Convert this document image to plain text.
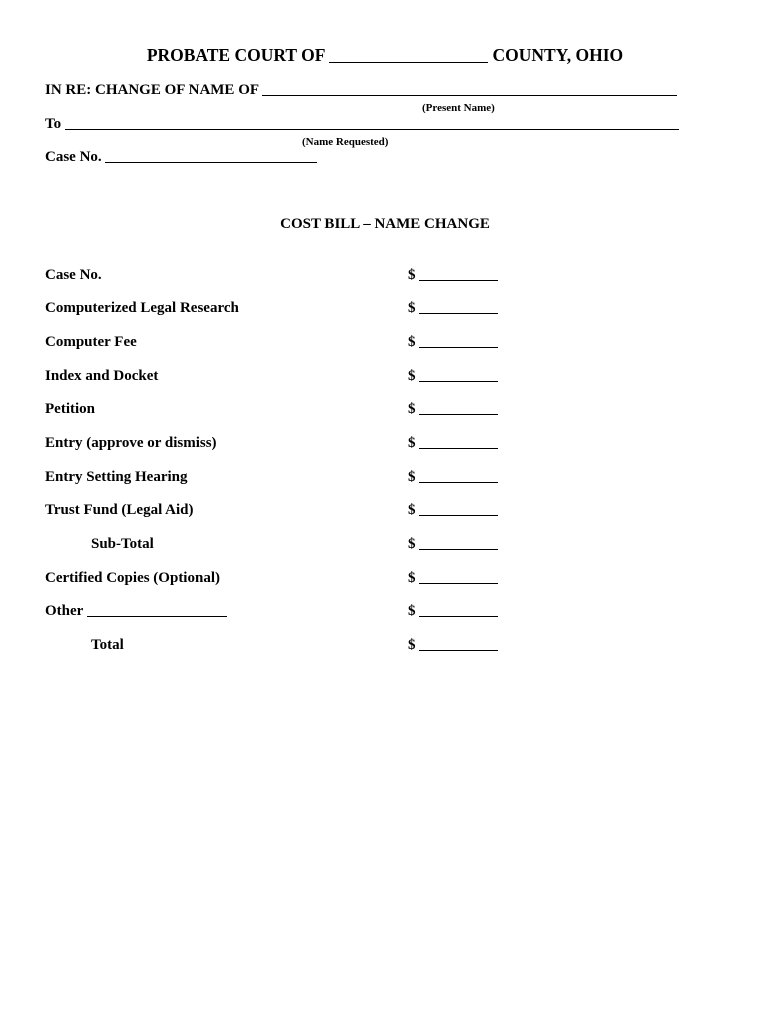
PROBATE COURT OF	COUNTY, OHIO
IN RE: CHANGE OF NAME OF
(Present Name)
To
(Name Requested)
Case No.
COST BILL – NAME CHANGE
Case No.	$
Computerized Legal Research	$
Computer Fee	$
Index and Docket	$
Petition	$
Entry (approve or dismiss)	$
Entry Setting Hearing	$
Trust Fund (Legal Aid)	$
Sub-Total	$
Certified Copies (Optional)	$
Other	$
Total	$
